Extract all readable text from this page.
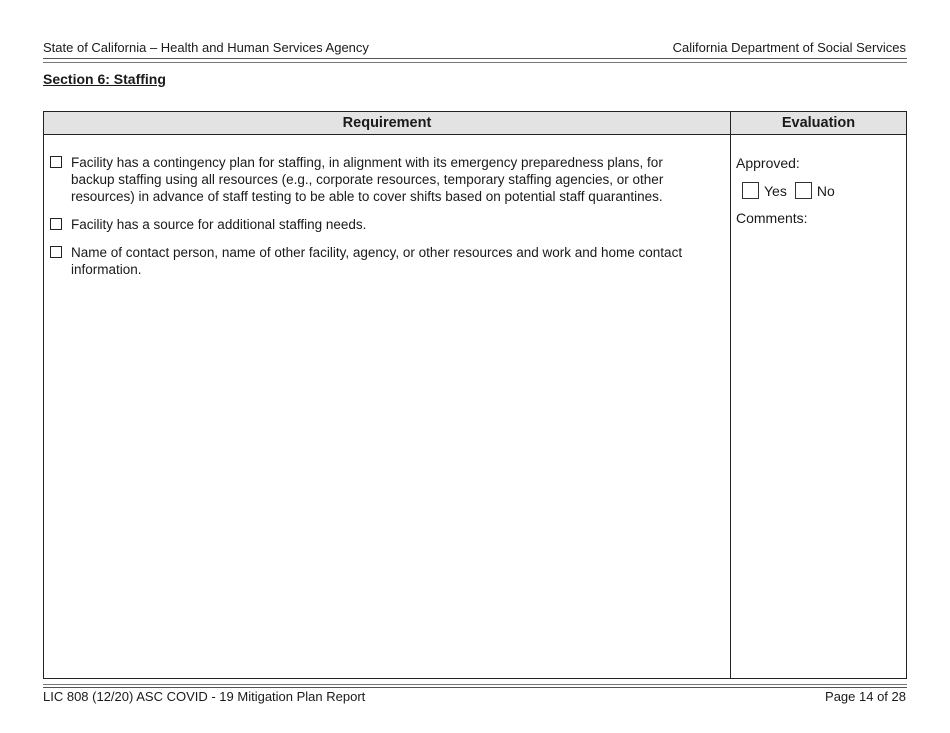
State of California – Health and Human Services Agency	California Department of Social Services
Section 6: Staffing
Requirement	Evaluation
Facility has a contingency plan for staffing, in alignment with its emergency preparedness plans, for backup staffing using all resources (e.g., corporate resources, temporary staffing agencies, or other resources) in advance of staff testing to be able to cover shifts based on potential staff quarantines.
Facility has a source for additional staffing needs.
Name of contact person, name of other facility, agency, or other resources and work and home contact information.
Approved:
Yes No
Comments:
LIC 808 (12/20) ASC COVID - 19 Mitigation Plan Report	Page 14 of 28
